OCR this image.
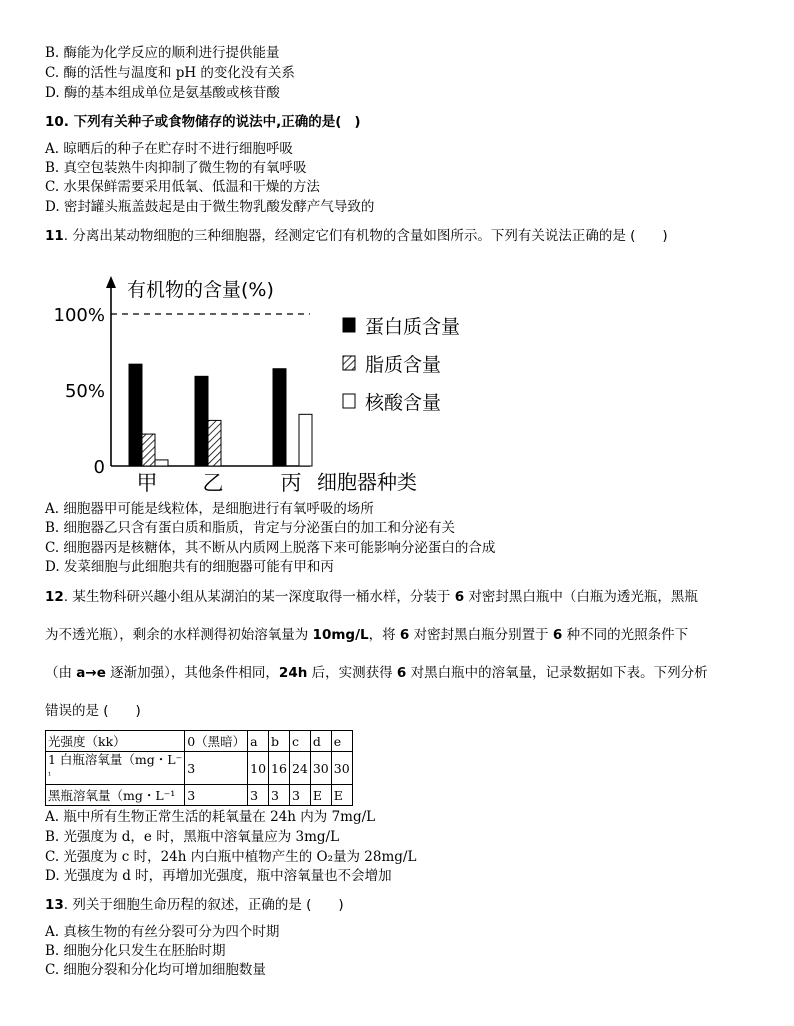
B. 酶能为化学反应的顺利进行提供能量
C. 酶的活性与温度和 pH 的变化没有关系
D. 酶的基本组成单位是氨基酸或核苷酸
10. 下列有关种子或食物储存的说法中,正确的是( )
A. 晾晒后的种子在贮存时不进行细胞呼吸
B. 真空包装熟牛肉抑制了微生物的有氧呼吸
C. 水果保鲜需要采用低氧、低温和干燥的方法
D. 密封罐头瓶盖鼓起是由于微生物乳酸发酵产气导致的
11. 分离出某动物细胞的三种细胞器，经测定它们有机物的含量如图所示。下列有关说法正确的是 (　　)
甲 乙	丙
100%
50%
0
有机物的含量(%)
细胞器种类
蛋白质含量
脂质含量
核酸含量
A. 细胞器甲可能是线粒体，是细胞进行有氧呼吸的场所
B. 细胞器乙只含有蛋白质和脂质，肯定与分泌蛋白的加工和分泌有关
C. 细胞器丙是核糖体，其不断从内质网上脱落下来可能影响分泌蛋白的合成
D. 发菜细胞与此细胞共有的细胞器可能有甲和丙
12. 某生物科研兴趣小组从某湖泊的某一深度取得一桶水样，分装于 6 对密封黑白瓶中（白瓶为透光瓶，黑瓶
为不透光瓶），剩余的水样测得初始溶氧量为 10mg/L，将 6 对密封黑白瓶分别置于 6 种不同的光照条件下
（由 a→e 逐渐加强），其他条件相同，24h 后，实测获得 6 对黑白瓶中的溶氧量，记录数据如下表。下列分析
错误的是 (　　)
光强度（kk）	0（黑暗）	a	b	c	d	e
1 白瓶溶氧量（mg・L⁻
¹	3	10	16	24	30	30
黑瓶溶氧量（mg・L⁻¹	3	3	3	3	E	E
A. 瓶中所有生物正常生活的耗氧量在 24h 内为 7mg/L
B. 光强度为 d，e 时，黑瓶中溶氧量应为 3mg/L
C. 光强度为 c 时，24h 内白瓶中植物产生的 O₂量为 28mg/L
D. 光强度为 d 时，再增加光强度，瓶中溶氧量也不会增加
13. 列关于细胞生命历程的叙述，正确的是 (　　)
A. 真核生物的有丝分裂可分为四个时期
B. 细胞分化只发生在胚胎时期
C. 细胞分裂和分化均可增加细胞数量
